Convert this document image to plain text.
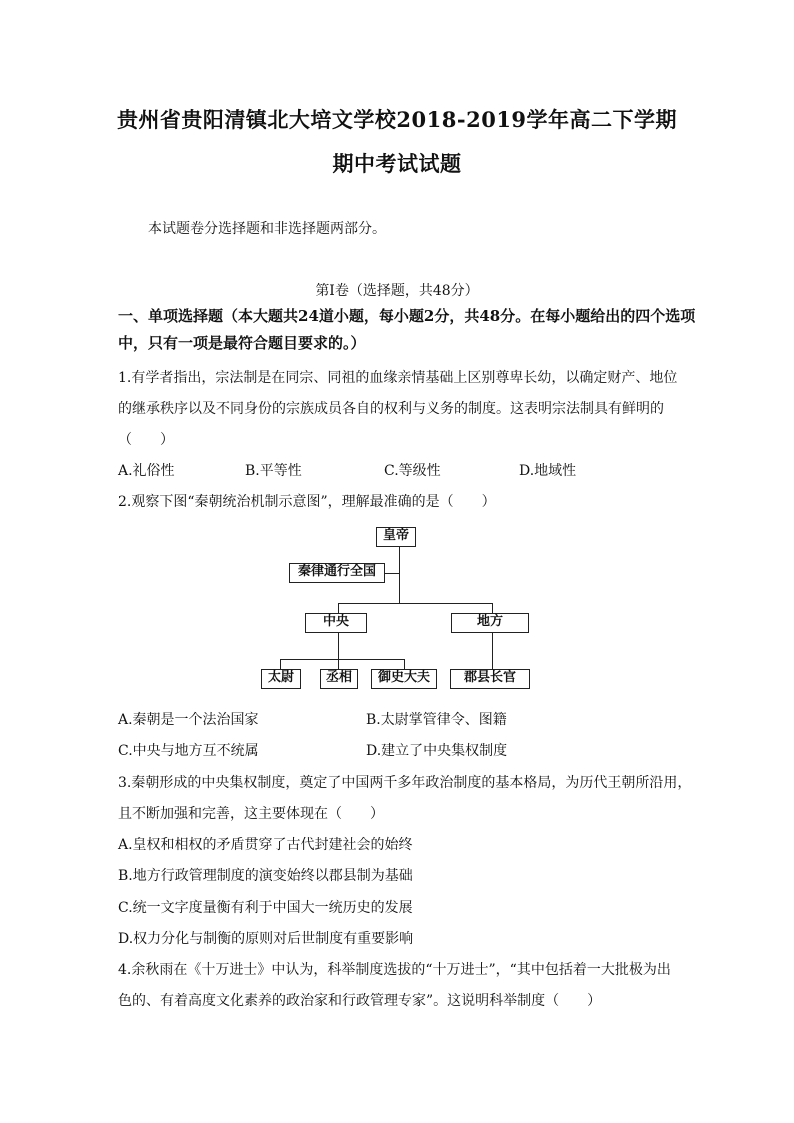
贵州省贵阳清镇北大培文学校2018-2019学年高二下学期
期中考试试题
本试题卷分选择题和非选择题两部分。
第Ⅰ卷（选择题，共48分）
一、单项选择题（本大题共24道小题，每小题2分，共48分。在每小题给出的四个选项
中，只有一项是最符合题目要求的。）
1.有学者指出，宗法制是在同宗、同祖的血缘亲情基础上区别尊卑长幼，以确定财产、地位
的继承秩序以及不同身份的宗族成员各自的权利与义务的制度。这表明宗法制具有鲜明的
（　　）
A.礼俗性	B.平等性	C.等级性	D.地域性
2.观察下图“秦朝统治机制示意图”，理解最准确的是（　　）
皇帝
秦律通行全国
中央	地方
太尉	丞相	御史大夫	郡县长官
A.秦朝是一个法治国家	B.太尉掌管律令、图籍
C.中央与地方互不统属	D.建立了中央集权制度
3.秦朝形成的中央集权制度，奠定了中国两千多年政治制度的基本格局，为历代王朝所沿用，
且不断加强和完善，这主要体现在（　　）
A.皇权和相权的矛盾贯穿了古代封建社会的始终
B.地方行政管理制度的演变始终以郡县制为基础
C.统一文字度量衡有利于中国大一统历史的发展
D.权力分化与制衡的原则对后世制度有重要影响
4.余秋雨在《十万进士》中认为，科举制度选拔的“十万进士”，“其中包括着一大批极为出
色的、有着高度文化素养的政治家和行政管理专家”。这说明科举制度（　　）
